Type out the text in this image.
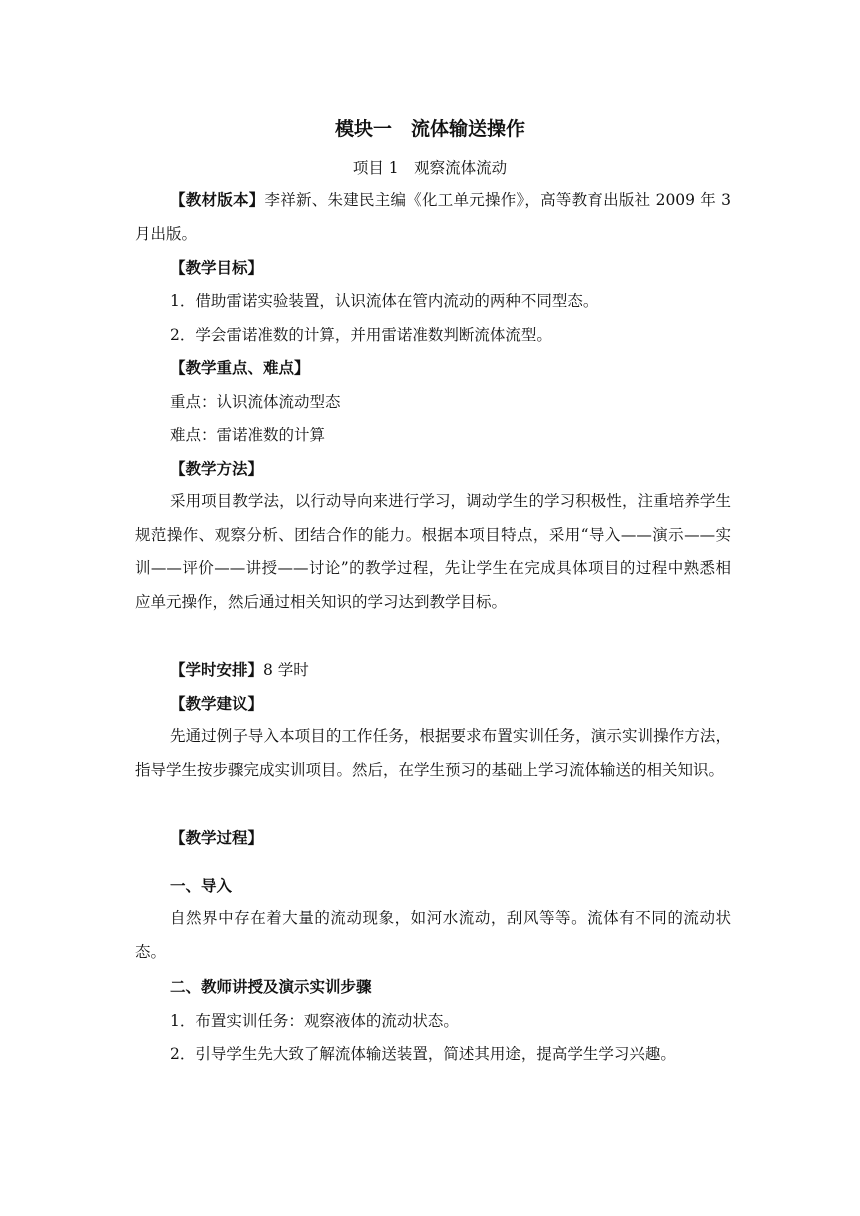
模块一　流体输送操作
项目 1　观察流体流动
【教材版本】李祥新、朱建民主编《化工单元操作》，高等教育出版社 2009 年 3 月出版。
【教学目标】
1．借助雷诺实验装置，认识流体在管内流动的两种不同型态。
2．学会雷诺准数的计算，并用雷诺准数判断流体流型。
【教学重点、难点】
重点：认识流体流动型态
难点：雷诺准数的计算
【教学方法】
采用项目教学法，以行动导向来进行学习，调动学生的学习积极性，注重培养学生规范操作、观察分析、团结合作的能力。根据本项目特点，采用“导入——演示——实训——评价——讲授——讨论”的教学过程，先让学生在完成具体项目的过程中熟悉相应单元操作，然后通过相关知识的学习达到教学目标。
【学时安排】8 学时
【教学建议】
先通过例子导入本项目的工作任务，根据要求布置实训任务，演示实训操作方法，指导学生按步骤完成实训项目。然后，在学生预习的基础上学习流体输送的相关知识。
【教学过程】
一、导入
自然界中存在着大量的流动现象，如河水流动，刮风等等。流体有不同的流动状态。
二、教师讲授及演示实训步骤
1．布置实训任务：观察液体的流动状态。
2．引导学生先大致了解流体输送装置，简述其用途，提高学生学习兴趣。
